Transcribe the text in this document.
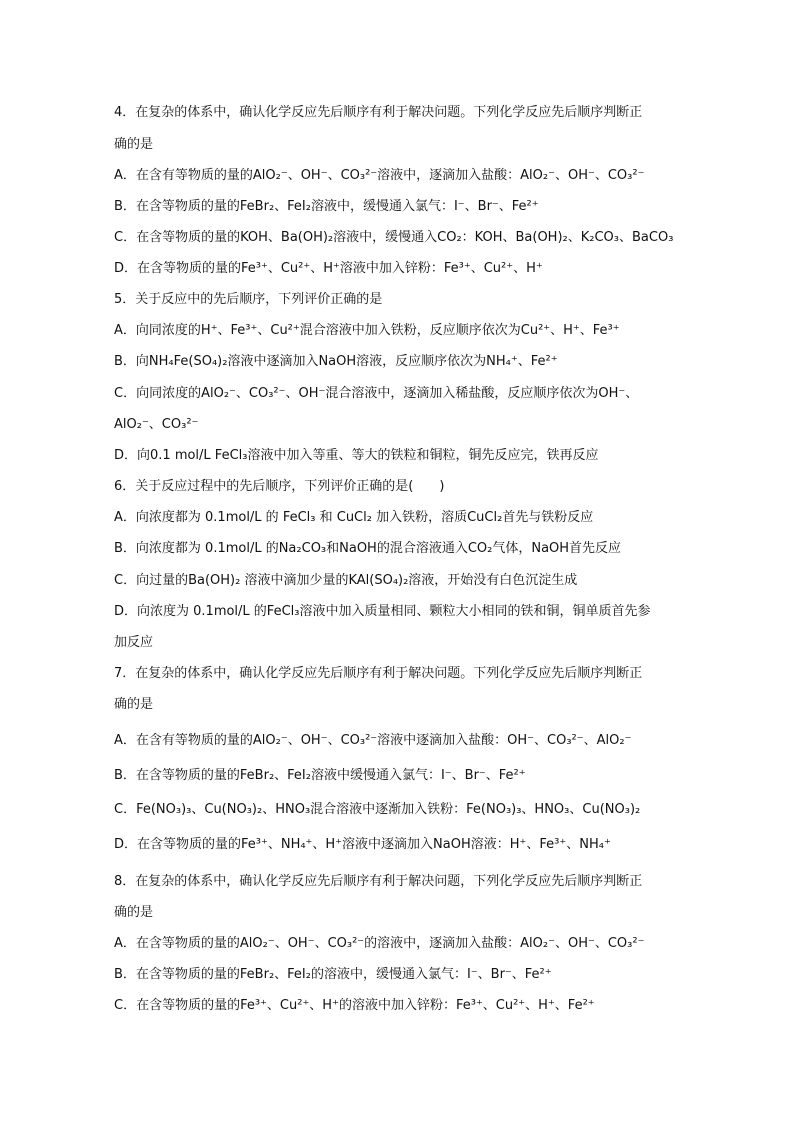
4．在复杂的体系中，确认化学反应先后顺序有利于解决问题。下列化学反应先后顺序判断正
确的是
A．在含有等物质的量的AlO₂⁻、OH⁻、CO₃²⁻溶液中，逐滴加入盐酸：AlO₂⁻、OH⁻、CO₃²⁻
B．在含等物质的量的FeBr₂、FeI₂溶液中，缓慢通入氯气：I⁻、Br⁻、Fe²⁺
C．在含等物质的量的KOH、Ba(OH)₂溶液中，缓慢通入CO₂：KOH、Ba(OH)₂、K₂CO₃、BaCO₃
D．在含等物质的量的Fe³⁺、Cu²⁺、H⁺溶液中加入锌粉：Fe³⁺、Cu²⁺、H⁺
5．关于反应中的先后顺序，下列评价正确的是
A．向同浓度的H⁺、Fe³⁺、Cu²⁺混合溶液中加入铁粉，反应顺序依次为Cu²⁺、H⁺、Fe³⁺
B．向NH₄Fe(SO₄)₂溶液中逐滴加入NaOH溶液，反应顺序依次为NH₄⁺、Fe²⁺
C．向同浓度的AlO₂⁻、CO₃²⁻、OH⁻混合溶液中，逐滴加入稀盐酸，反应顺序依次为OH⁻、
AlO₂⁻、CO₃²⁻
D．向0.1 mol/L FeCl₃溶液中加入等重、等大的铁粒和铜粒，铜先反应完，铁再反应
6．关于反应过程中的先后顺序，下列评价正确的是(　　)
A．向浓度都为 0.1mol/L 的 FeCl₃ 和 CuCl₂ 加入铁粉，溶质CuCl₂首先与铁粉反应
B．向浓度都为 0.1mol/L 的Na₂CO₃和NaOH的混合溶液通入CO₂气体，NaOH首先反应
C．向过量的Ba(OH)₂ 溶液中滴加少量的KAl(SO₄)₂溶液，开始没有白色沉淀生成
D．向浓度为 0.1mol/L 的FeCl₃溶液中加入质量相同、颗粒大小相同的铁和铜，铜单质首先参
加反应
7．在复杂的体系中，确认化学反应先后顺序有利于解决问题。下列化学反应先后顺序判断正
确的是
A．在含有等物质的量的AlO₂⁻、OH⁻、CO₃²⁻溶液中逐滴加入盐酸：OH⁻、CO₃²⁻、AlO₂⁻
B．在含等物质的量的FeBr₂、FeI₂溶液中缓慢通入氯气：I⁻、Br⁻、Fe²⁺
C．Fe(NO₃)₃、Cu(NO₃)₂、HNO₃混合溶液中逐渐加入铁粉：Fe(NO₃)₃、HNO₃、Cu(NO₃)₂
D．在含等物质的量的Fe³⁺、NH₄⁺、H⁺溶液中逐滴加入NaOH溶液：H⁺、Fe³⁺、NH₄⁺
8．在复杂的体系中，确认化学反应先后顺序有利于解决问题，下列化学反应先后顺序判断正
确的是
A．在含等物质的量的AlO₂⁻、OH⁻、CO₃²⁻的溶液中，逐滴加入盐酸：AlO₂⁻、OH⁻、CO₃²⁻
B．在含等物质的量的FeBr₂、FeI₂的溶液中，缓慢通入氯气：I⁻、Br⁻、Fe²⁺
C．在含等物质的量的Fe³⁺、Cu²⁺、H⁺的溶液中加入锌粉：Fe³⁺、Cu²⁺、H⁺、Fe²⁺
